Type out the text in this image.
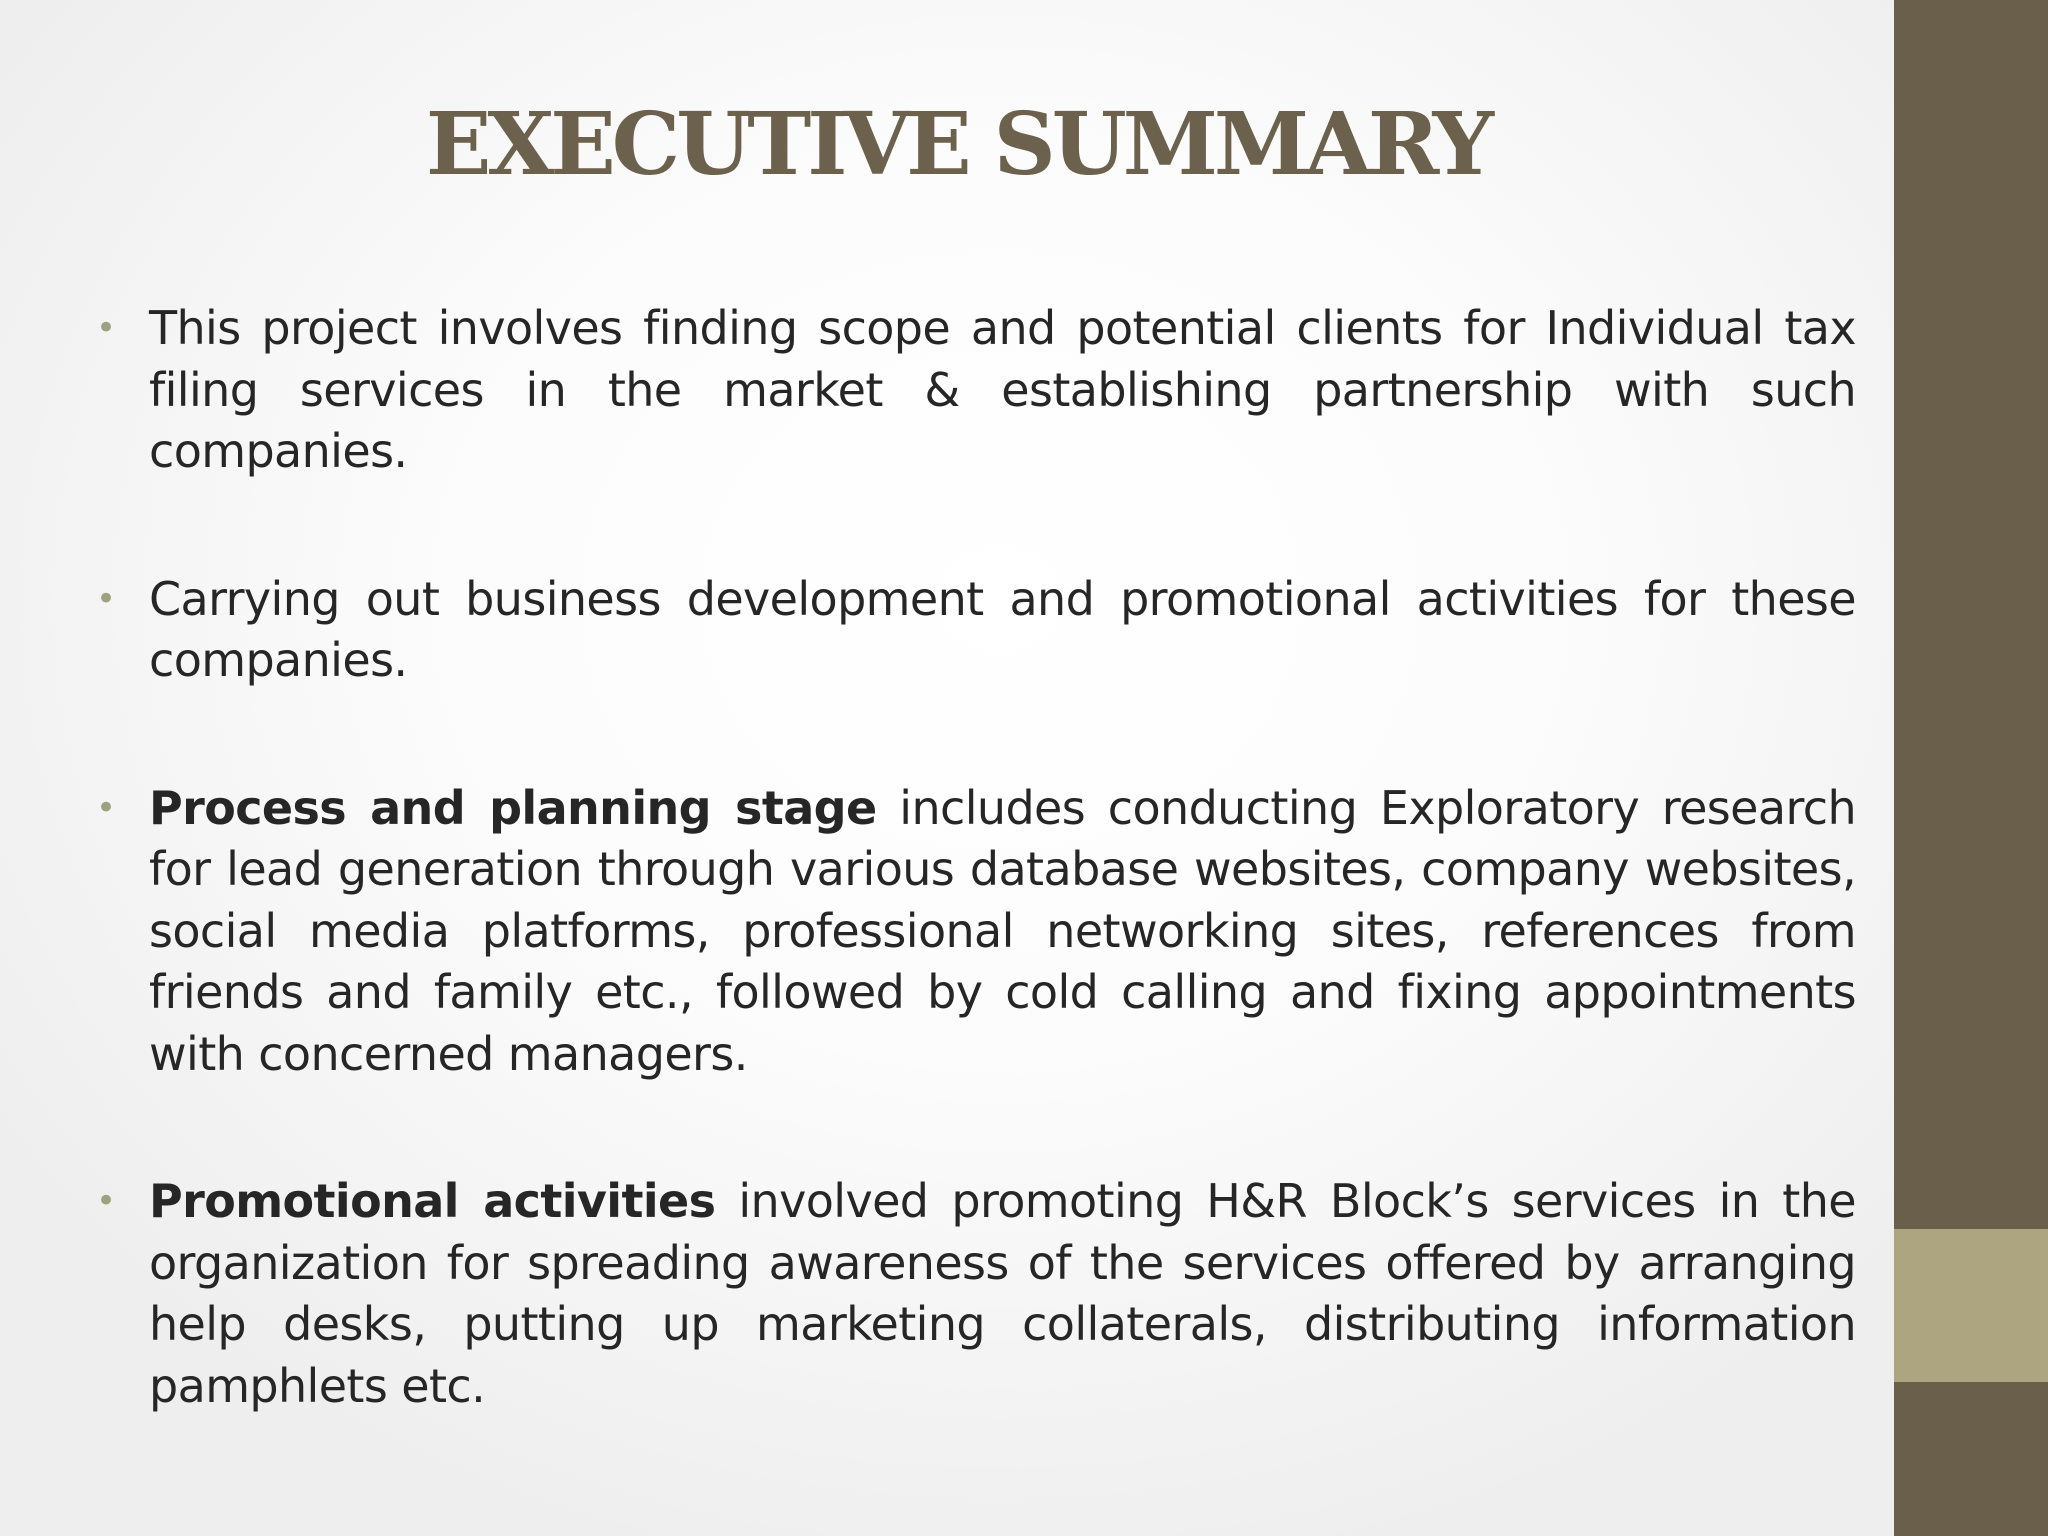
EXECUTIVE SUMMARY
• This project involves finding scope and potential clients for Individual tax filing services in the market & establishing partnership with such companies.
• Carrying out business development and promotional activities for these companies.
• Process and planning stage includes conducting Exploratory research for lead generation through various database websites, company websites, social media platforms, professional networking sites, references from friends and family etc., followed by cold calling and fixing appointments with concerned managers.
• Promotional activities involved promoting H&R Block’s services in the organization for spreading awareness of the services offered by arranging help desks, putting up marketing collaterals, distributing information pamphlets etc.
